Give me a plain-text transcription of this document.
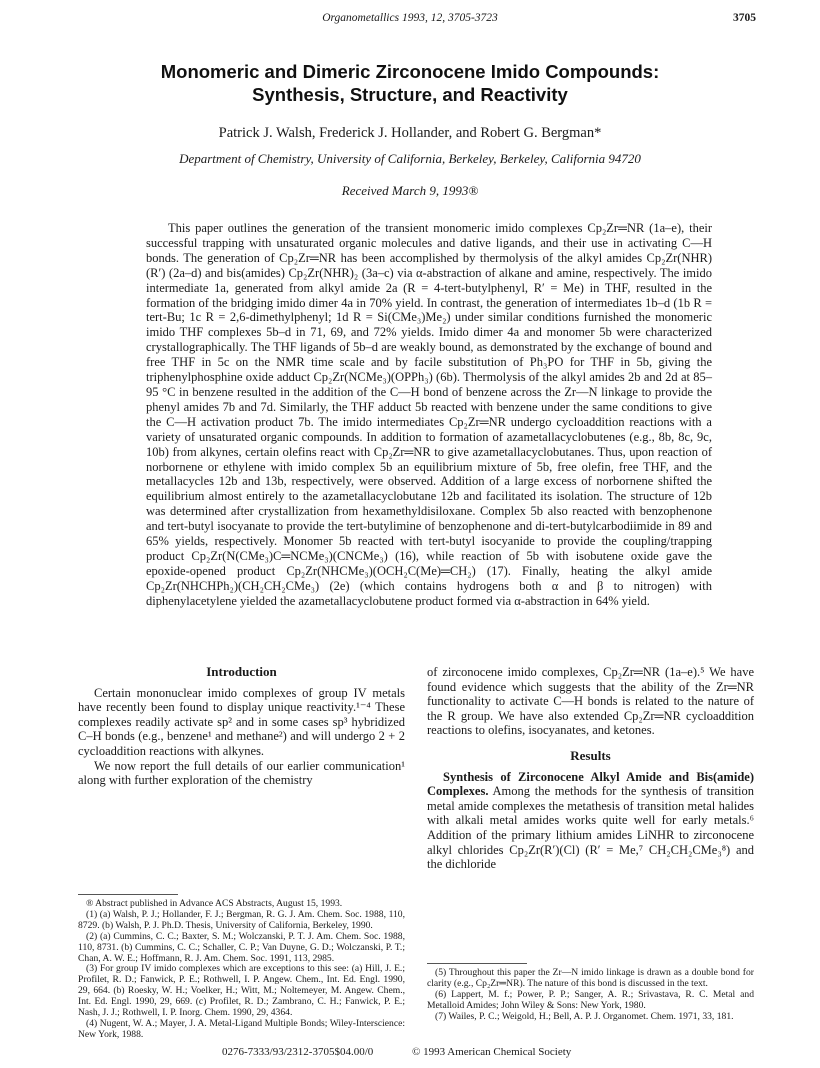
Organometallics 1993, 12, 3705-3723	3705
Monomeric and Dimeric Zirconocene Imido Compounds:
Synthesis, Structure, and Reactivity
Patrick J. Walsh, Frederick J. Hollander, and Robert G. Bergman*
Department of Chemistry, University of California, Berkeley, Berkeley, California 94720
Received March 9, 1993®
This paper outlines the generation of the transient monomeric imido complexes Cp₂Zr═NR (1a–e), their successful trapping with unsaturated organic molecules and dative ligands, and their use in activating C—H bonds. The generation of Cp₂Zr═NR has been accomplished by thermolysis of the alkyl amides Cp₂Zr(NHR)(R′) (2a–d) and bis(amides) Cp₂Zr(NHR)₂ (3a–c) via α-abstraction of alkane and amine, respectively. The imido intermediate 1a, generated from alkyl amide 2a (R = 4-tert-butylphenyl, R′ = Me) in THF, resulted in the formation of the bridging imido dimer 4a in 70% yield. In contrast, the generation of intermediates 1b–d (1b R = tert-Bu; 1c R = 2,6-dimethylphenyl; 1d R = Si(CMe₃)Me₂) under similar conditions furnished the monomeric imido THF complexes 5b–d in 71, 69, and 72% yields. Imido dimer 4a and monomer 5b were characterized crystallographically. The THF ligands of 5b–d are weakly bound, as demonstrated by the exchange of bound and free THF in 5c on the NMR time scale and by facile substitution of Ph₃PO for THF in 5b, giving the triphenylphosphine oxide adduct Cp₂Zr(NCMe₃)(OPPh₃) (6b). Thermolysis of the alkyl amides 2b and 2d at 85–95 °C in benzene resulted in the addition of the C—H bond of benzene across the Zr—N linkage to provide the phenyl amides 7b and 7d. Similarly, the THF adduct 5b reacted with benzene under the same conditions to give the C—H activation product 7b. The imido intermediates Cp₂Zr═NR undergo cycloaddition reactions with a variety of unsaturated organic compounds. In addition to formation of azametallacyclobutenes (e.g., 8b, 8c, 9c, 10b) from alkynes, certain olefins react with Cp₂Zr═NR to give azametallacyclobutanes. Thus, upon reaction of norbornene or ethylene with imido complex 5b an equilibrium mixture of 5b, free olefin, free THF, and the metallacycles 12b and 13b, respectively, were observed. Addition of a large excess of norbornene shifted the equilibrium almost entirely to the azametallacyclobutane 12b and facilitated its isolation. The structure of 12b was determined after crystallization from hexamethyldisiloxane. Complex 5b also reacted with benzophenone and tert-butyl isocyanate to provide the tert-butylimine of benzophenone and di-tert-butylcarbodiimide in 89 and 65% yields, respectively. Monomer 5b reacted with tert-butyl isocyanide to provide the coupling/trapping product Cp₂Zr(N(CMe₃)C═NCMe₃)(CNCMe₃) (16), while reaction of 5b with isobutene oxide gave the epoxide-opened product Cp₂Zr(NHCMe₃)(OCH₂C(Me)═CH₂) (17). Finally, heating the alkyl amide Cp₂Zr(NHCHPh₂)(CH₂CH₂CMe₃) (2e) (which contains hydrogens both α and β to nitrogen) with diphenylacetylene yielded the azametallacyclobutene product formed via α-abstraction in 64% yield.
Introduction

Certain mononuclear imido complexes of group IV metals have recently been found to display unique reactivity.¹⁻⁴ These complexes readily activate sp² and in some cases sp³ hybridized C–H bonds (e.g., benzene¹ and methane²) and will undergo 2 + 2 cycloaddition reactions with alkynes.

We now report the full details of our earlier communication¹ along with further exploration of the chemistry

of zirconocene imido complexes, Cp₂Zr═NR (1a–e).⁵ We have found evidence which suggests that the ability of the Zr═NR functionality to activate C—H bonds is related to the nature of the R group. We have also extended Cp₂Zr═NR cycloaddition reactions to olefins, isocyanates, and ketones.

Results

Synthesis of Zirconocene Alkyl Amide and Bis(amide) Complexes. Among the methods for the synthesis of transition metal amide complexes the metathesis of transition metal halides with alkali metal amides works quite well for early metals.⁶ Addition of the primary lithium amides LiNHR to zirconocene alkyl chlorides Cp₂Zr(R′)(Cl) (R′ = Me,⁷ CH₂CH₂CMe₃⁸) and the dichloride

® Abstract published in Advance ACS Abstracts, August 15, 1993.

(1) (a) Walsh, P. J.; Hollander, F. J.; Bergman, R. G. J. Am. Chem. Soc. 1988, 110, 8729. (b) Walsh, P. J. Ph.D. Thesis, University of California, Berkeley, 1990.

(2) (a) Cummins, C. C.; Baxter, S. M.; Wolczanski, P. T. J. Am. Chem. Soc. 1988, 110, 8731. (b) Cummins, C. C.; Schaller, C. P.; Van Duyne, G. D.; Wolczanski, P. T.; Chan, A. W. E.; Hoffmann, R. J. Am. Chem. Soc. 1991, 113, 2985.

(3) For group IV imido complexes which are exceptions to this see: (a) Hill, J. E.; Profilet, R. D.; Fanwick, P. E.; Rothwell, I. P. Angew. Chem., Int. Ed. Engl. 1990, 29, 664. (b) Roesky, W. H.; Voelker, H.; Witt, M.; Noltemeyer, M. Angew. Chem., Int. Ed. Engl. 1990, 29, 669. (c) Profilet, R. D.; Zambrano, C. H.; Fanwick, P. E.; Nash, J. J.; Rothwell, I. P. Inorg. Chem. 1990, 29, 4364.

(4) Nugent, W. A.; Mayer, J. A. Metal-Ligand Multiple Bonds; Wiley-Interscience: New York, 1988.

(5) Throughout this paper the Zr—N imido linkage is drawn as a double bond for clarity (e.g., Cp₂Zr═NR). The nature of this bond is discussed in the text.

(6) Lappert, M. f.; Power, P. P.; Sanger, A. R.; Srivastava, R. C. Metal and Metalloid Amides; John Wiley & Sons: New York, 1980.

(7) Wailes, P. C.; Weigold, H.; Bell, A. P. J. Organomet. Chem. 1971, 33, 181.

0276-7333/93/2312-3705$04.00/0	© 1993 American Chemical Society
